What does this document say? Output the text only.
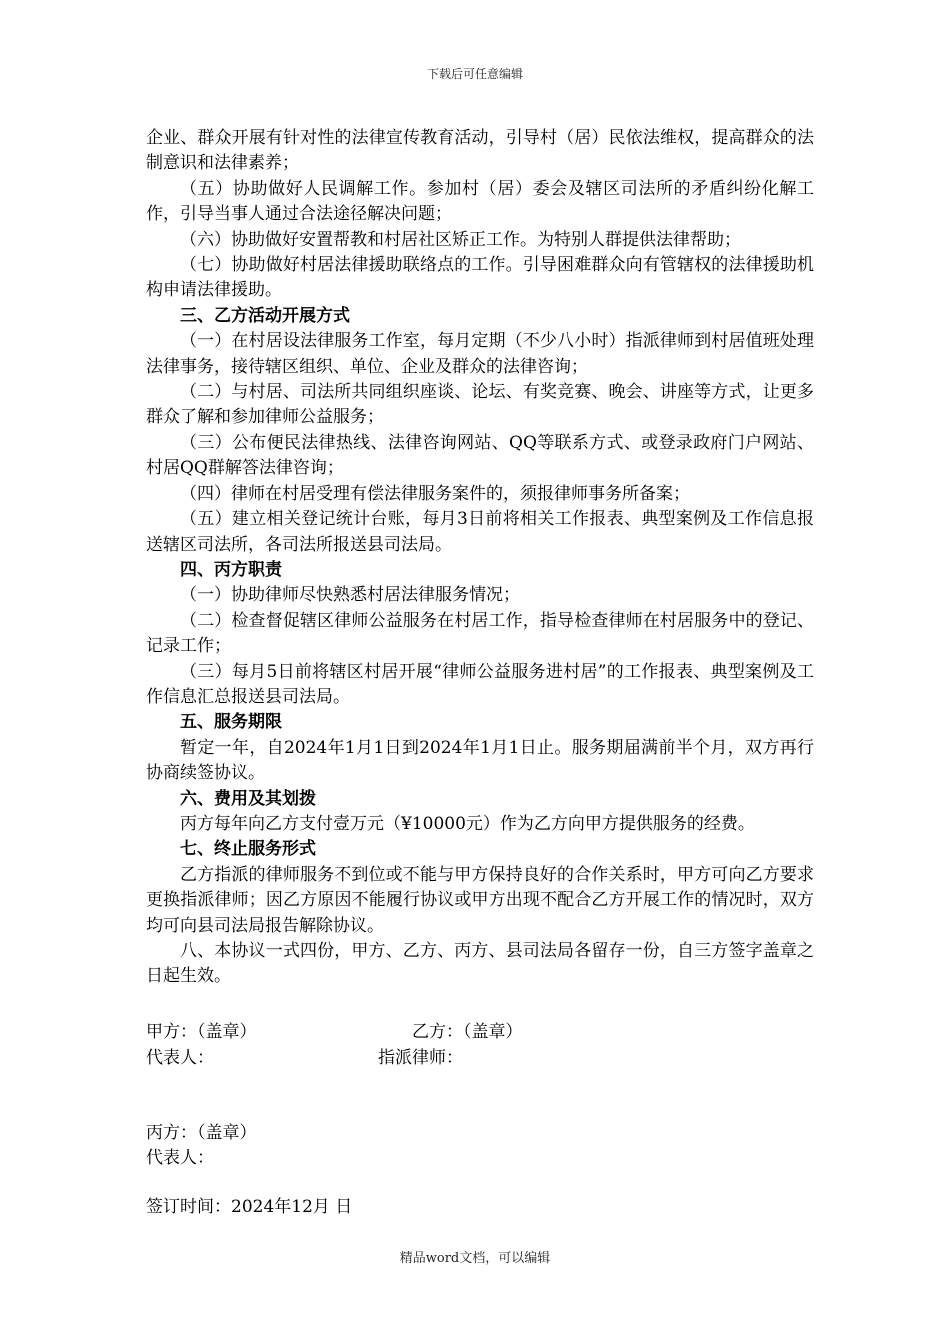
下载后可任意编辑

企业、群众开展有针对性的法律宣传教育活动，引导村（居）民依法维权，提高群众的法制意识和法律素养；

（五）协助做好人民调解工作。参加村（居）委会及辖区司法所的矛盾纠纷化解工作，引导当事人通过合法途径解决问题；

（六）协助做好安置帮教和村居社区矫正工作。为特别人群提供法律帮助；

（七）协助做好村居法律援助联络点的工作。引导困难群众向有管辖权的法律援助机构申请法律援助。

三、乙方活动开展方式

（一）在村居设法律服务工作室，每月定期（不少八小时）指派律师到村居值班处理法律事务，接待辖区组织、单位、企业及群众的法律咨询；

（二）与村居、司法所共同组织座谈、论坛、有奖竞赛、晚会、讲座等方式，让更多群众了解和参加律师公益服务；

（三）公布便民法律热线、法律咨询网站、QQ等联系方式、或登录政府门户网站、村居QQ群解答法律咨询；

（四）律师在村居受理有偿法律服务案件的，须报律师事务所备案；

（五）建立相关登记统计台账，每月3日前将相关工作报表、典型案例及工作信息报送辖区司法所，各司法所报送县司法局。

四、丙方职责

（一）协助律师尽快熟悉村居法律服务情况；

（二）检查督促辖区律师公益服务在村居工作，指导检查律师在村居服务中的登记、记录工作；

（三）每月5日前将辖区村居开展“律师公益服务进村居”的工作报表、典型案例及工作信息汇总报送县司法局。

五、服务期限

暂定一年，自2024年1月1日到2024年1月1日止。服务期届满前半个月，双方再行协商续签协议。

六、费用及其划拨

丙方每年向乙方支付壹万元（¥10000元）作为乙方向甲方提供服务的经费。

七、终止服务形式

乙方指派的律师服务不到位或不能与甲方保持良好的合作关系时，甲方可向乙方要求更换指派律师；因乙方原因不能履行协议或甲方出现不配合乙方开展工作的情况时，双方均可向县司法局报告解除协议。

八、本协议一式四份，甲方、乙方、丙方、县司法局各留存一份，自三方签字盖章之日起生效。

甲方：（盖章）	乙方：（盖章）
代表人：	指派律师：
丙方：（盖章）
代表人：
签订时间：2024年12月 日
精品word文档，可以编辑
